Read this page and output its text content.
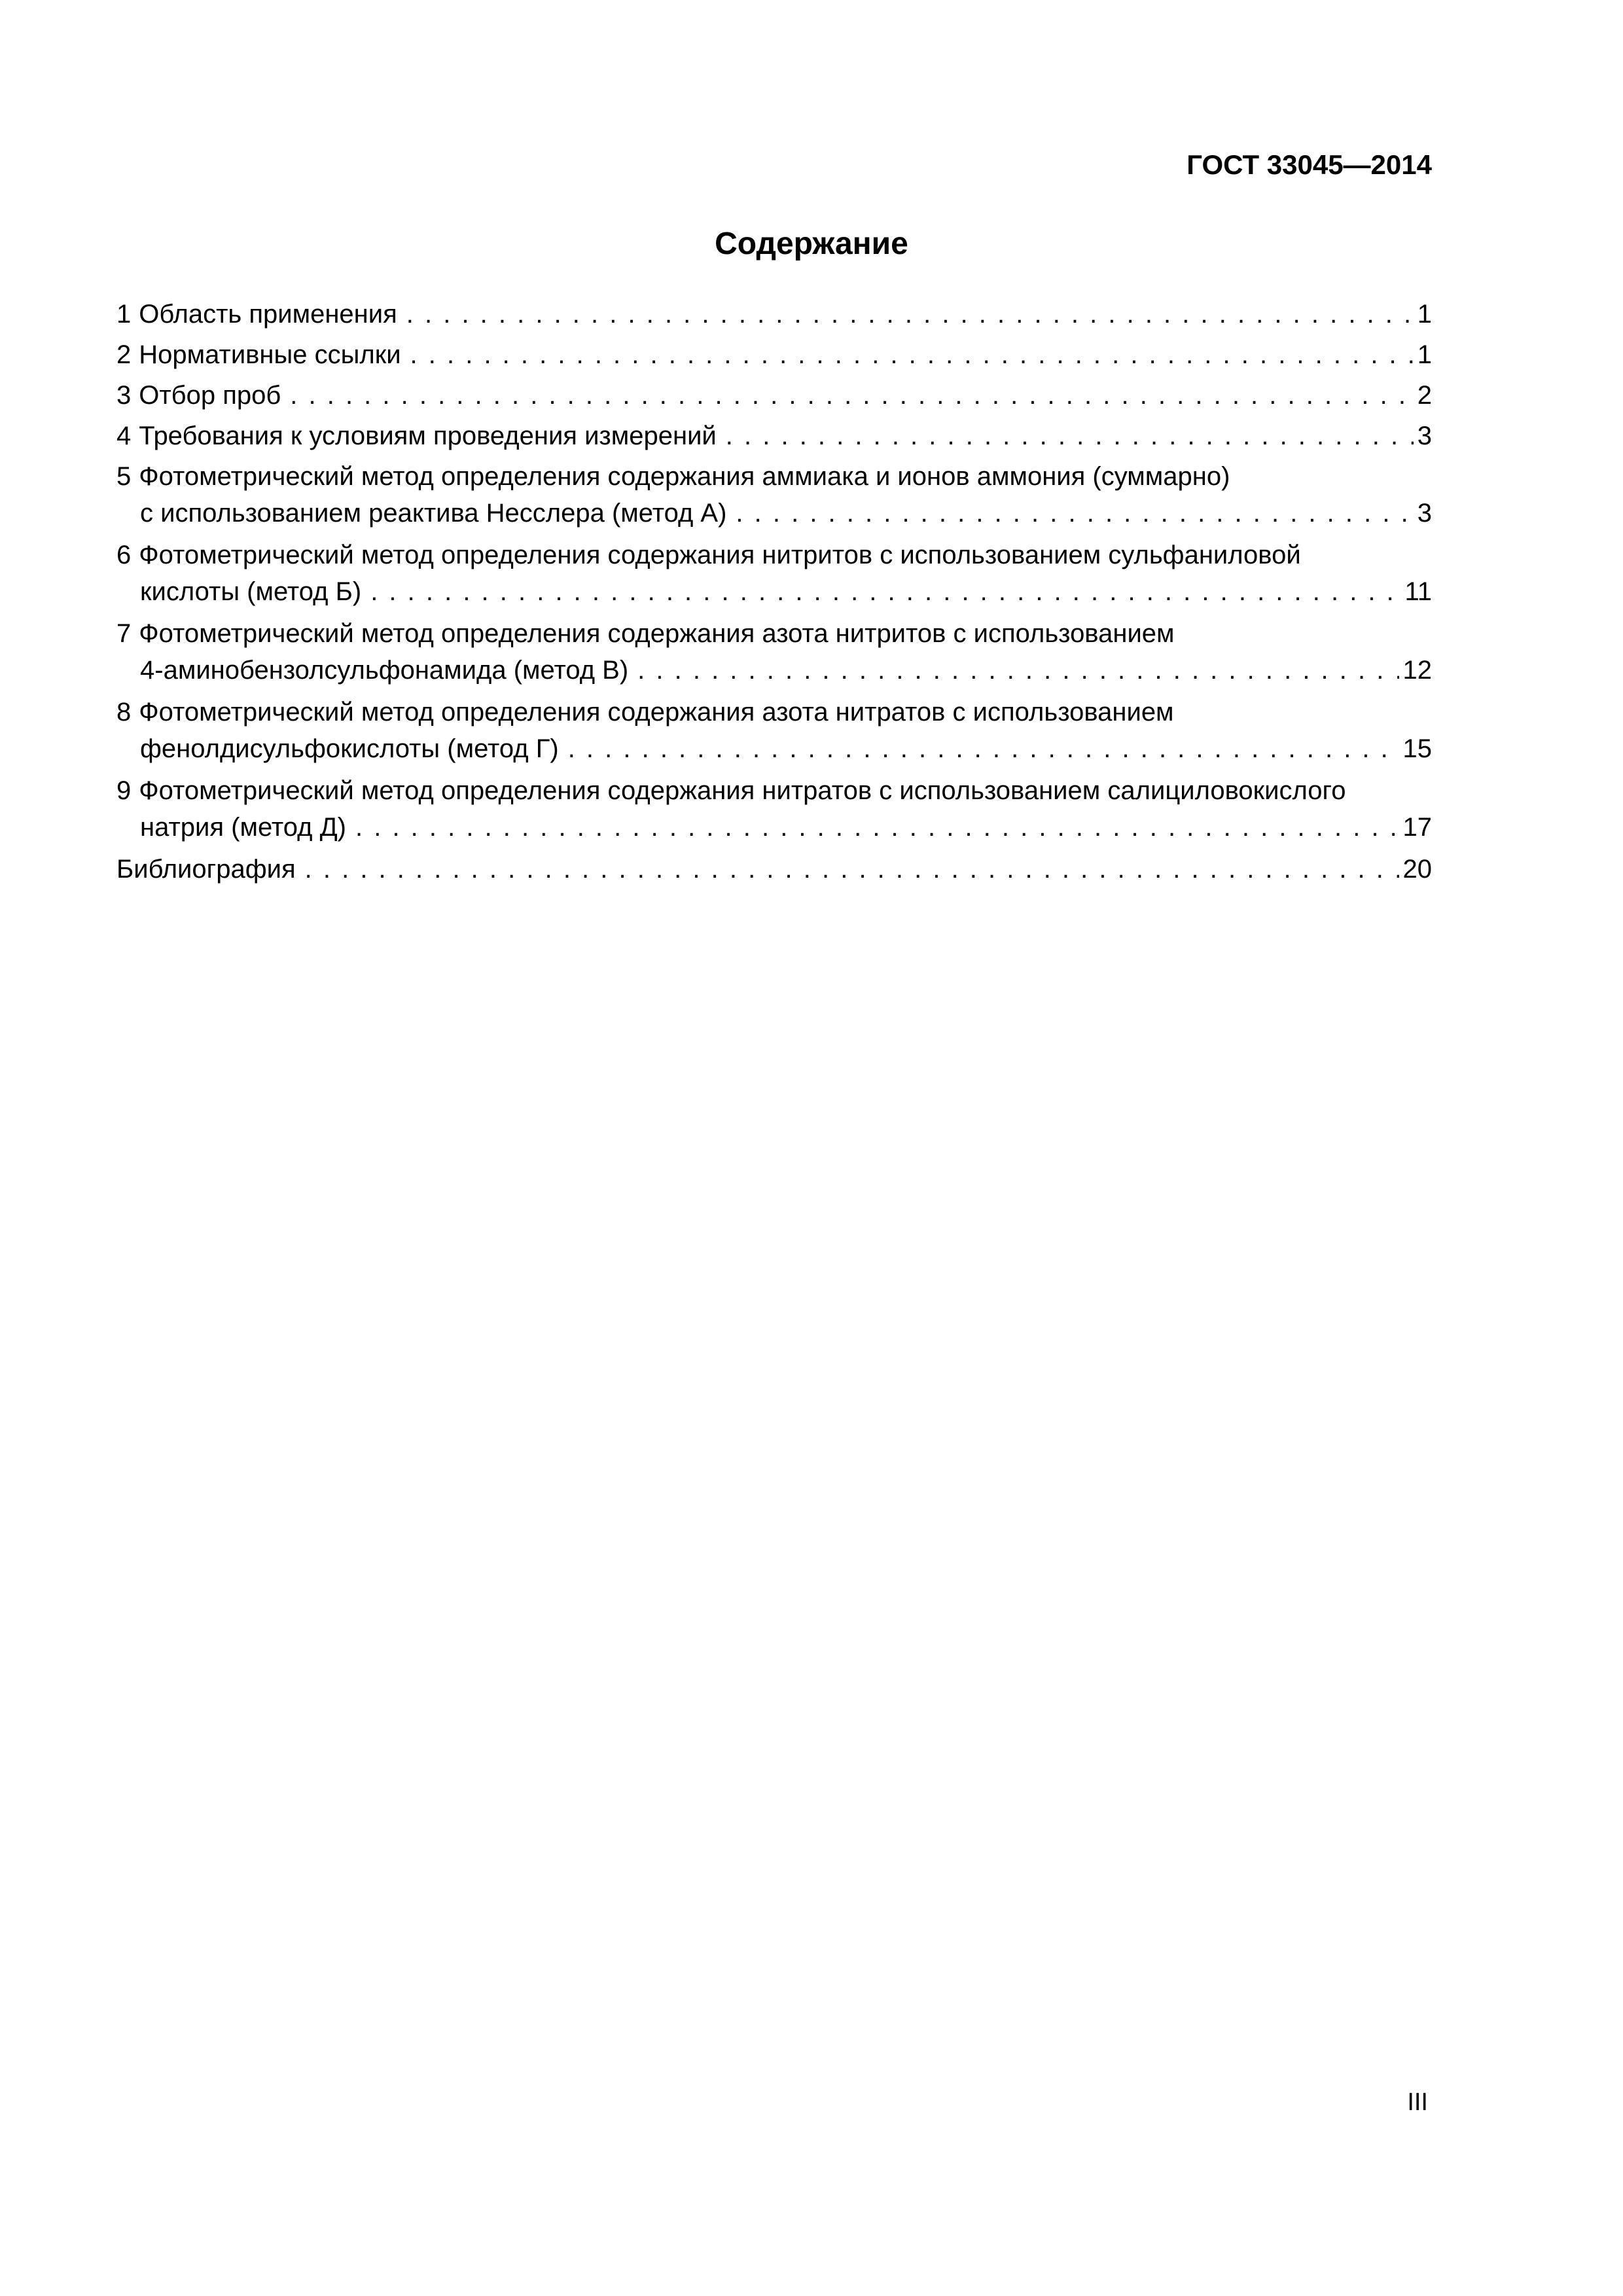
ГОСТ 33045—2014
Содержание
1 Область применения . . .	1
2 Нормативные ссылки . . .	1
3 Отбор проб . . .	2
4 Требования к условиям проведения измерений . . .	3
5 Фотометрический метод определения содержания аммиака и ионов аммония (суммарно)
с использованием реактива Несслера (метод А) . . .	3
6 Фотометрический метод определения содержания нитритов с использованием сульфаниловой
кислоты (метод Б) . . .	11
7 Фотометрический метод определения содержания азота нитритов с использованием
4-аминобензолсульфонамида (метод В) . . .	12
8 Фотометрический метод определения содержания азота нитратов с использованием
фенолдисульфокислоты (метод Г) . . .	15
9 Фотометрический метод определения содержания нитратов с использованием салициловокислого
натрия (метод Д) . . .	17
Библиография . . .	20
III
